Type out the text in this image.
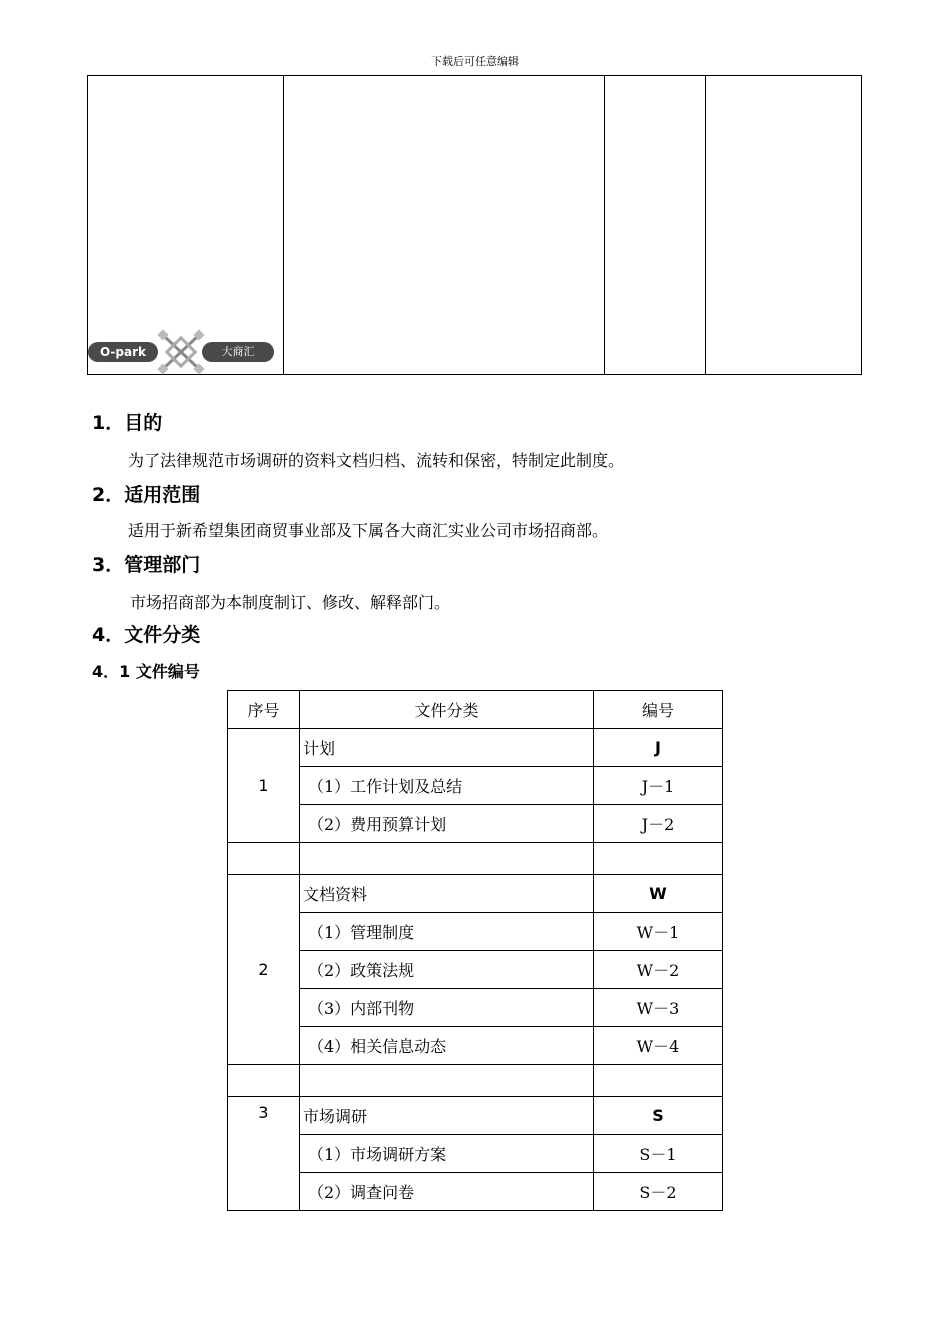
下载后可任意编辑
O-park	大商汇
1．目的
为了法律规范市场调研的资料文档归档、流转和保密，特制定此制度。
2．适用范围
适用于新希望集团商贸事业部及下属各大商汇实业公司市场招商部。
3．管理部门
市场招商部为本制度制订、修改、解释部门。
4．文件分类
4．1 文件编号
序号	文件分类	编号
1	计划	J
	（1）工作计划及总结	J－1
	（2）费用预算计划	J－2

2	文档资料	W
	（1）管理制度	W－1
	（2）政策法规	W－2
	（3）内部刊物	W－3
	（4）相关信息动态	W－4

3	市场调研	S
	（1）市场调研方案	S－1
	（2）调查问卷	S－2
